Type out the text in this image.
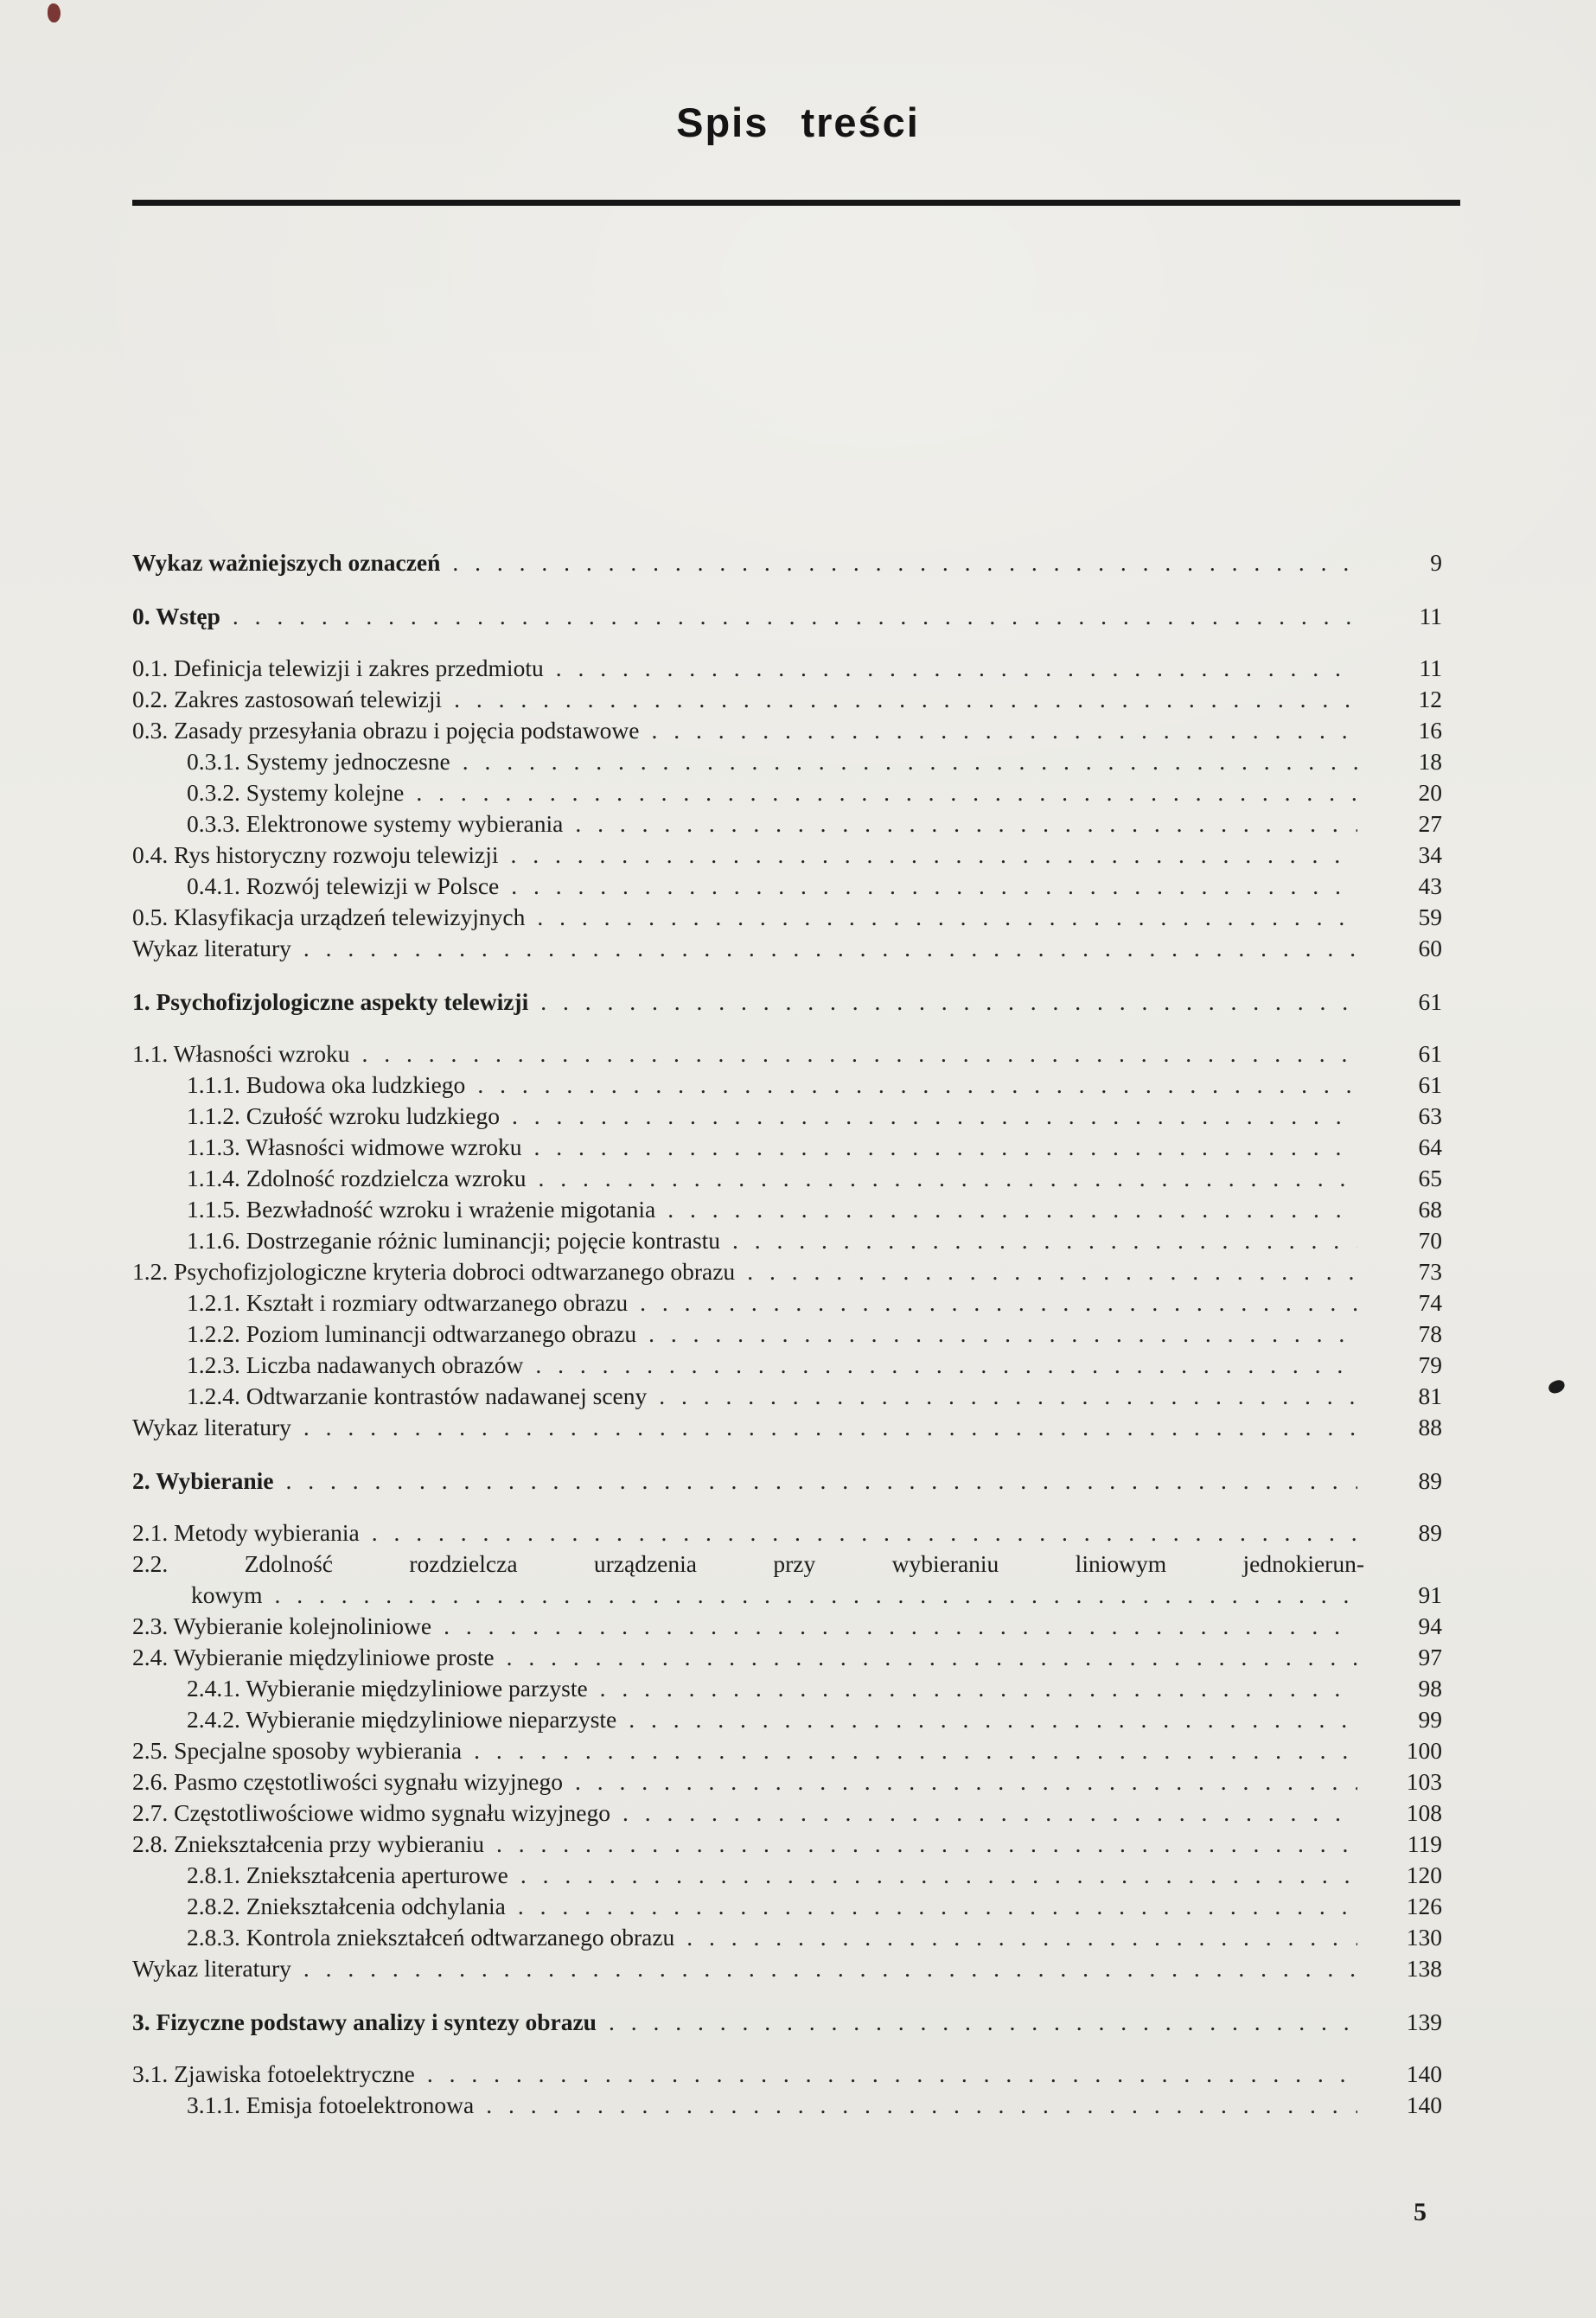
Spis treści
Wykaz ważniejszych oznaczeń . . .	9
0. Wstęp . . .	11
0.1. Definicja telewizji i zakres przedmiotu . . .	11
0.2. Zakres zastosowań telewizji . . .	12
0.3. Zasady przesyłania obrazu i pojęcia podstawowe . . .	16
0.3.1. Systemy jednoczesne . . .	18
0.3.2. Systemy kolejne . . .	20
0.3.3. Elektronowe systemy wybierania . . .	27
0.4. Rys historyczny rozwoju telewizji . . .	34
0.4.1. Rozwój telewizji w Polsce . . .	43
0.5. Klasyfikacja urządzeń telewizyjnych . . .	59
Wykaz literatury . . .	60
1. Psychofizjologiczne aspekty telewizji . . .	61
1.1. Własności wzroku . . .	61
1.1.1. Budowa oka ludzkiego . . .	61
1.1.2. Czułość wzroku ludzkiego . . .	63
1.1.3. Własności widmowe wzroku . . .	64
1.1.4. Zdolność rozdzielcza wzroku . . .	65
1.1.5. Bezwładność wzroku i wrażenie migotania . . .	68
1.1.6. Dostrzeganie różnic luminancji; pojęcie kontrastu . . .	70
1.2. Psychofizjologiczne kryteria dobroci odtwarzanego obrazu . . .	73
1.2.1. Kształt i rozmiary odtwarzanego obrazu . . .	74
1.2.2. Poziom luminancji odtwarzanego obrazu . . .	78
1.2.3. Liczba nadawanych obrazów . . .	79
1.2.4. Odtwarzanie kontrastów nadawanej sceny . . .	81
Wykaz literatury . . .	88
2. Wybieranie . . .	89
2.1. Metody wybierania . . .	89
2.2. Zdolność rozdzielcza urządzenia przy wybieraniu liniowym jednokierun-
kowym . . .	91
2.3. Wybieranie kolejnoliniowe . . .	94
2.4. Wybieranie międzyliniowe proste . . .	97
2.4.1. Wybieranie międzyliniowe parzyste . . .	98
2.4.2. Wybieranie międzyliniowe nieparzyste . . .	99
2.5. Specjalne sposoby wybierania . . .	100
2.6. Pasmo częstotliwości sygnału wizyjnego . . .	103
2.7. Częstotliwościowe widmo sygnału wizyjnego . . .	108
2.8. Zniekształcenia przy wybieraniu . . .	119
2.8.1. Zniekształcenia aperturowe . . .	120
2.8.2. Zniekształcenia odchylania . . .	126
2.8.3. Kontrola zniekształceń odtwarzanego obrazu . . .	130
Wykaz literatury . . .	138
3. Fizyczne podstawy analizy i syntezy obrazu . . .	139
3.1. Zjawiska fotoelektryczne . . .	140
3.1.1. Emisja fotoelektronowa . . .	140
5
